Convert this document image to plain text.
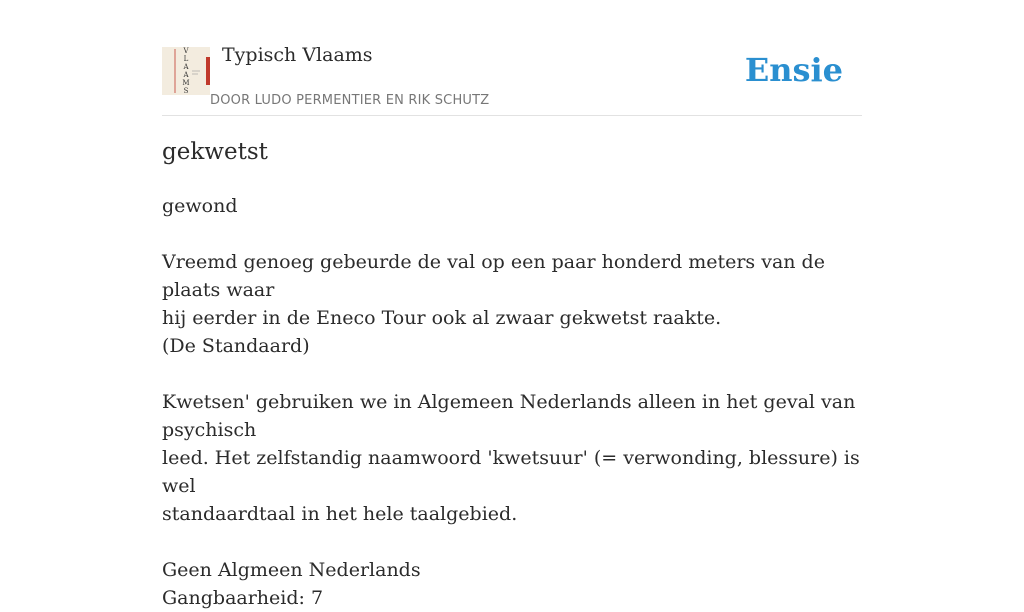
V
L
A
A
M
S
Typisch Vlaams
DOOR LUDO PERMENTIER EN RIK SCHUTZ
Ensie
gekwetst

gewond

Vreemd genoeg gebeurde de val op een paar honderd meters van de plaats waar
hij eerder in de Eneco Tour ook al zwaar gekwetst raakte.
(De Standaard)

Kwetsen' gebruiken we in Algemeen Nederlands alleen in het geval van psychisch
leed. Het zelfstandig naamwoord 'kwetsuur' (= verwonding, blessure) is wel
standaardtaal in het hele taalgebied.

Geen Algmeen Nederlands
Gangbaarheid: 7
